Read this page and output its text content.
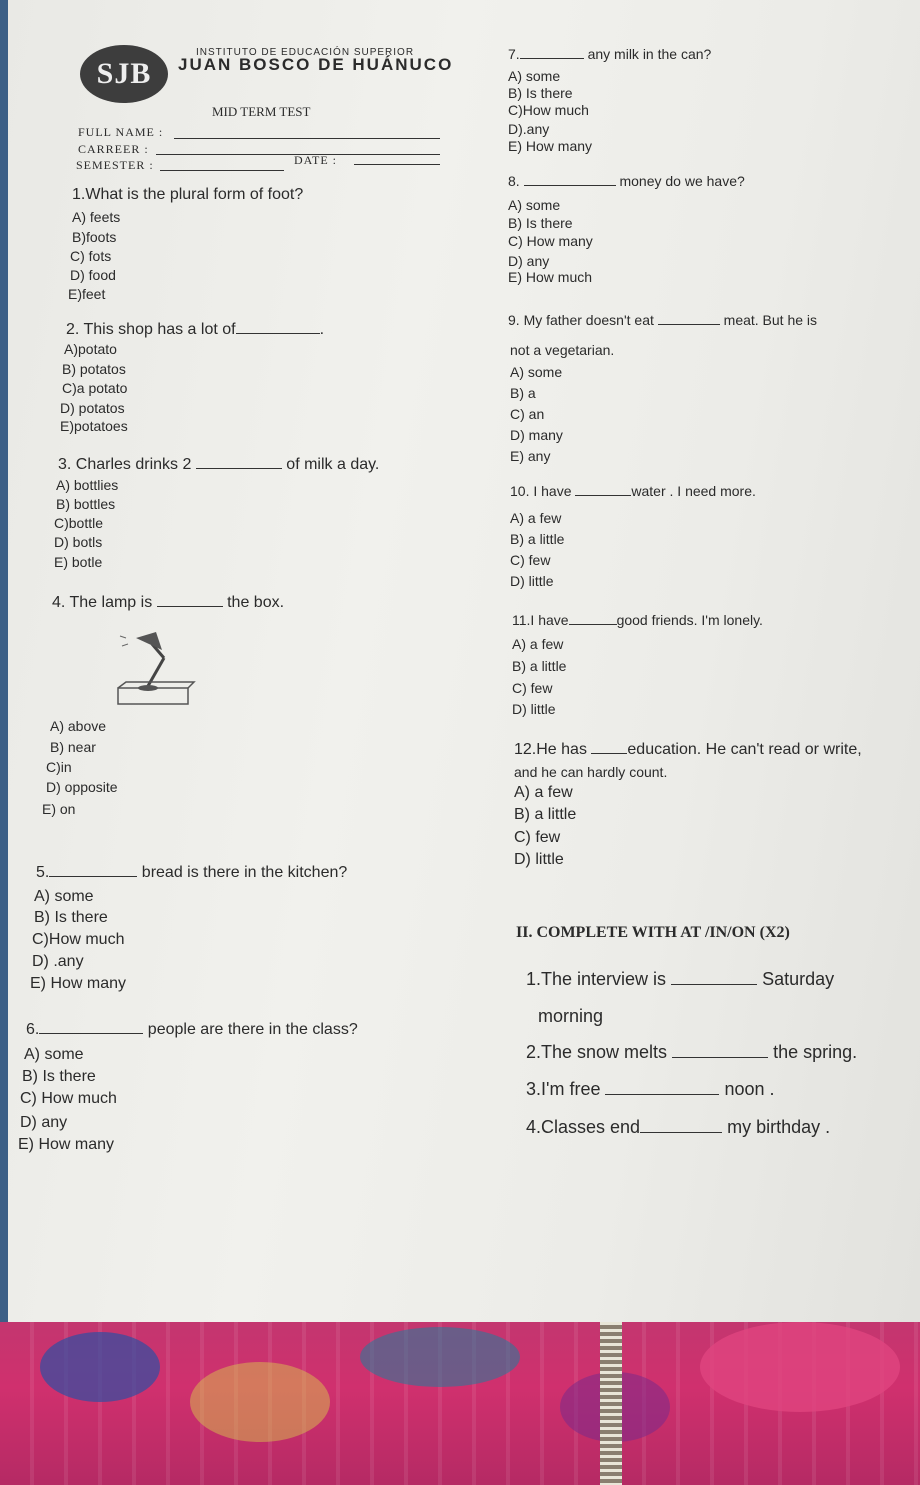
SJB
INSTITUTO DE EDUCACIÓN SUPERIOR
JUAN BOSCO DE HUÁNUCO
MID TERM TEST
FULL NAME :
CARREER :
SEMESTER :	DATE :
1.What is the plural form of foot?
A) feets
B)foots
C) fots
D) food
E)feet
2. This shop has a lot of	.
A)potato
B) potatos
C)a potato
D) potatos
E)potatoes
3. Charles drinks 2	of milk a day.
A) bottlies
B) bottles
C)bottle
D) botls
E) botle
4. The lamp is	the box.
A) above
B) near
C)in
D) opposite
E) on
5.	bread is there in the kitchen?
A) some
B) Is there
C)How much
D) .any
E) How many
6.	people are there in the class?
A) some
B) Is there
C) How much
D) any
E) How many
7.	any milk in the can?
A) some
B) Is there
C)How much
D).any
E) How many
8.	money do we have?
A) some
B) Is there
C) How many
D) any
E) How much
9. My father doesn't eat	meat. But he is
not a vegetarian.
A) some
B) a
C) an
D) many
E) any
10. I have	water . I need more.
A) a few
B) a little
C) few
D) little
11.I have	good friends. I'm lonely.
A) a few
B) a little
C) few
D) little
12.He has	education. He can't read or write,
and he can hardly count.
A) a few
B) a little
C) few
D) little
II. COMPLETE WITH AT /IN/ON (X2)
1.The interview is	Saturday
morning
2.The snow melts	the spring.
3.I'm free	noon .
4.Classes end	my birthday .
